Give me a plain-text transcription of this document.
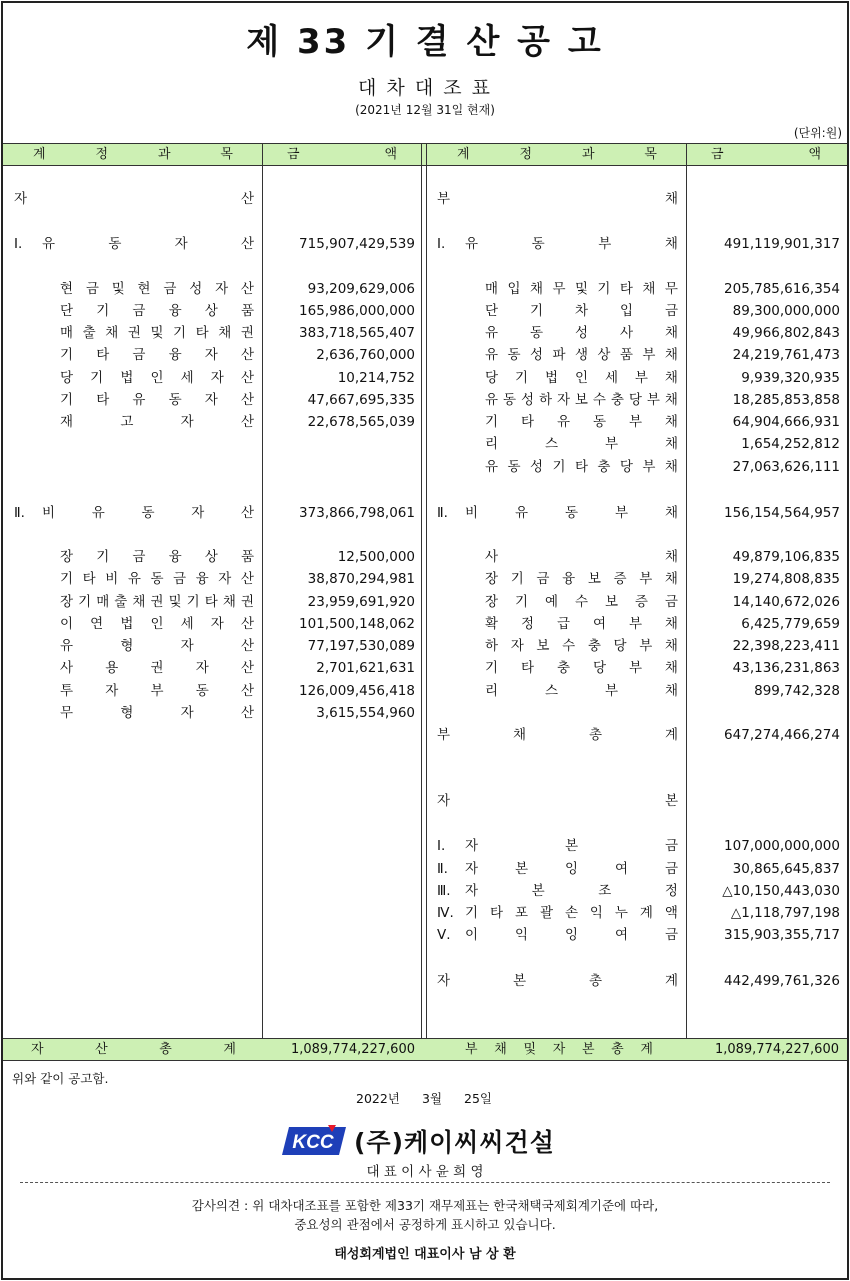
제 33 기 결 산 공 고
대 차 대 조 표
(2021년 12월 31일 현재)
(단위:원)
계	정	과	목	금	액	계	정	과	목	금	액
자	산
Ⅰ. 유	동	자	산	715,907,429,539
현 금 및 현 금 성 자 산	93,209,629,006
단 기 금 융 상 품	165,986,000,000
매 출 채 권 및 기 타 채 권	383,718,565,407
기 타 금 융 자 산	2,636,760,000
당 기 법 인 세 자 산	10,214,752
기 타 유 동 자 산	47,667,695,335
재	고	자	산	22,678,565,039
Ⅱ. 비	유	동	자	산	373,866,798,061
장 기 금 융 상 품	12,500,000
기 타 비 유 동 금 융 자 산	38,870,294,981
장 기 매 출 채 권 및 기 타 채 권	23,959,691,920
이 연 법 인 세 자 산	101,500,148,062
유	형	자	산	77,197,530,089
사 용 권 자 산	2,701,621,631
투 자 부 동 산	126,009,456,418
무	형	자	산	3,615,554,960
부	채
Ⅰ. 유	동	부	채	491,119,901,317
매 입 채 무 및 기 타 채 무	205,785,616,354
단 기 차 입 금	89,300,000,000
유 동 성 사 채	49,966,802,843
유 동 성 파 생 상 품 부 채	24,219,761,473
당 기 법 인 세 부 채	9,939,320,935
유 동 성 하 자 보 수 충 당 부 채	18,285,853,858
기 타 유 동 부 채	64,904,666,931
리	스	부	채	1,654,252,812
유 동 성 기 타 충 당 부 채	27,063,626,111
Ⅱ. 비	유	동	부	채	156,154,564,957
사	채	49,879,106,835
장 기 금 융 보 증 부 채	19,274,808,835
장 기 예 수 보 증 금	14,140,672,026
확 정 급 여 부 채	6,425,779,659
하 자 보 수 충 당 부 채	22,398,223,411
기 타 충 당 부 채	43,136,231,863
리	스	부	채	899,742,328
부	채	총	계	647,274,466,274
자	본
Ⅰ. 자	본	금	107,000,000,000
Ⅱ. 자	본	잉	여	금	30,865,645,837
Ⅲ. 자	본	조	정	△10,150,443,030
Ⅳ. 기 타 포 괄 손 익 누 계 액	△1,118,797,198
Ⅴ. 이	익	잉	여	금	315,903,355,717
자	본	총	계	442,499,761,326
자	산	총	계	1,089,774,227,600	부 채 및 자 본 총 계	1,089,774,227,600
위와 같이 공고함.
2022년 3월 25일
KCC (주)케이씨씨건설
대 표 이 사 윤 희 영
감사의견 : 위 대차대조표를 포함한 제33기 재무제표는 한국채택국제회계기준에 따라,
중요성의 관점에서 공정하게 표시하고 있습니다.
태성회계법인 대표이사 남 상 환
